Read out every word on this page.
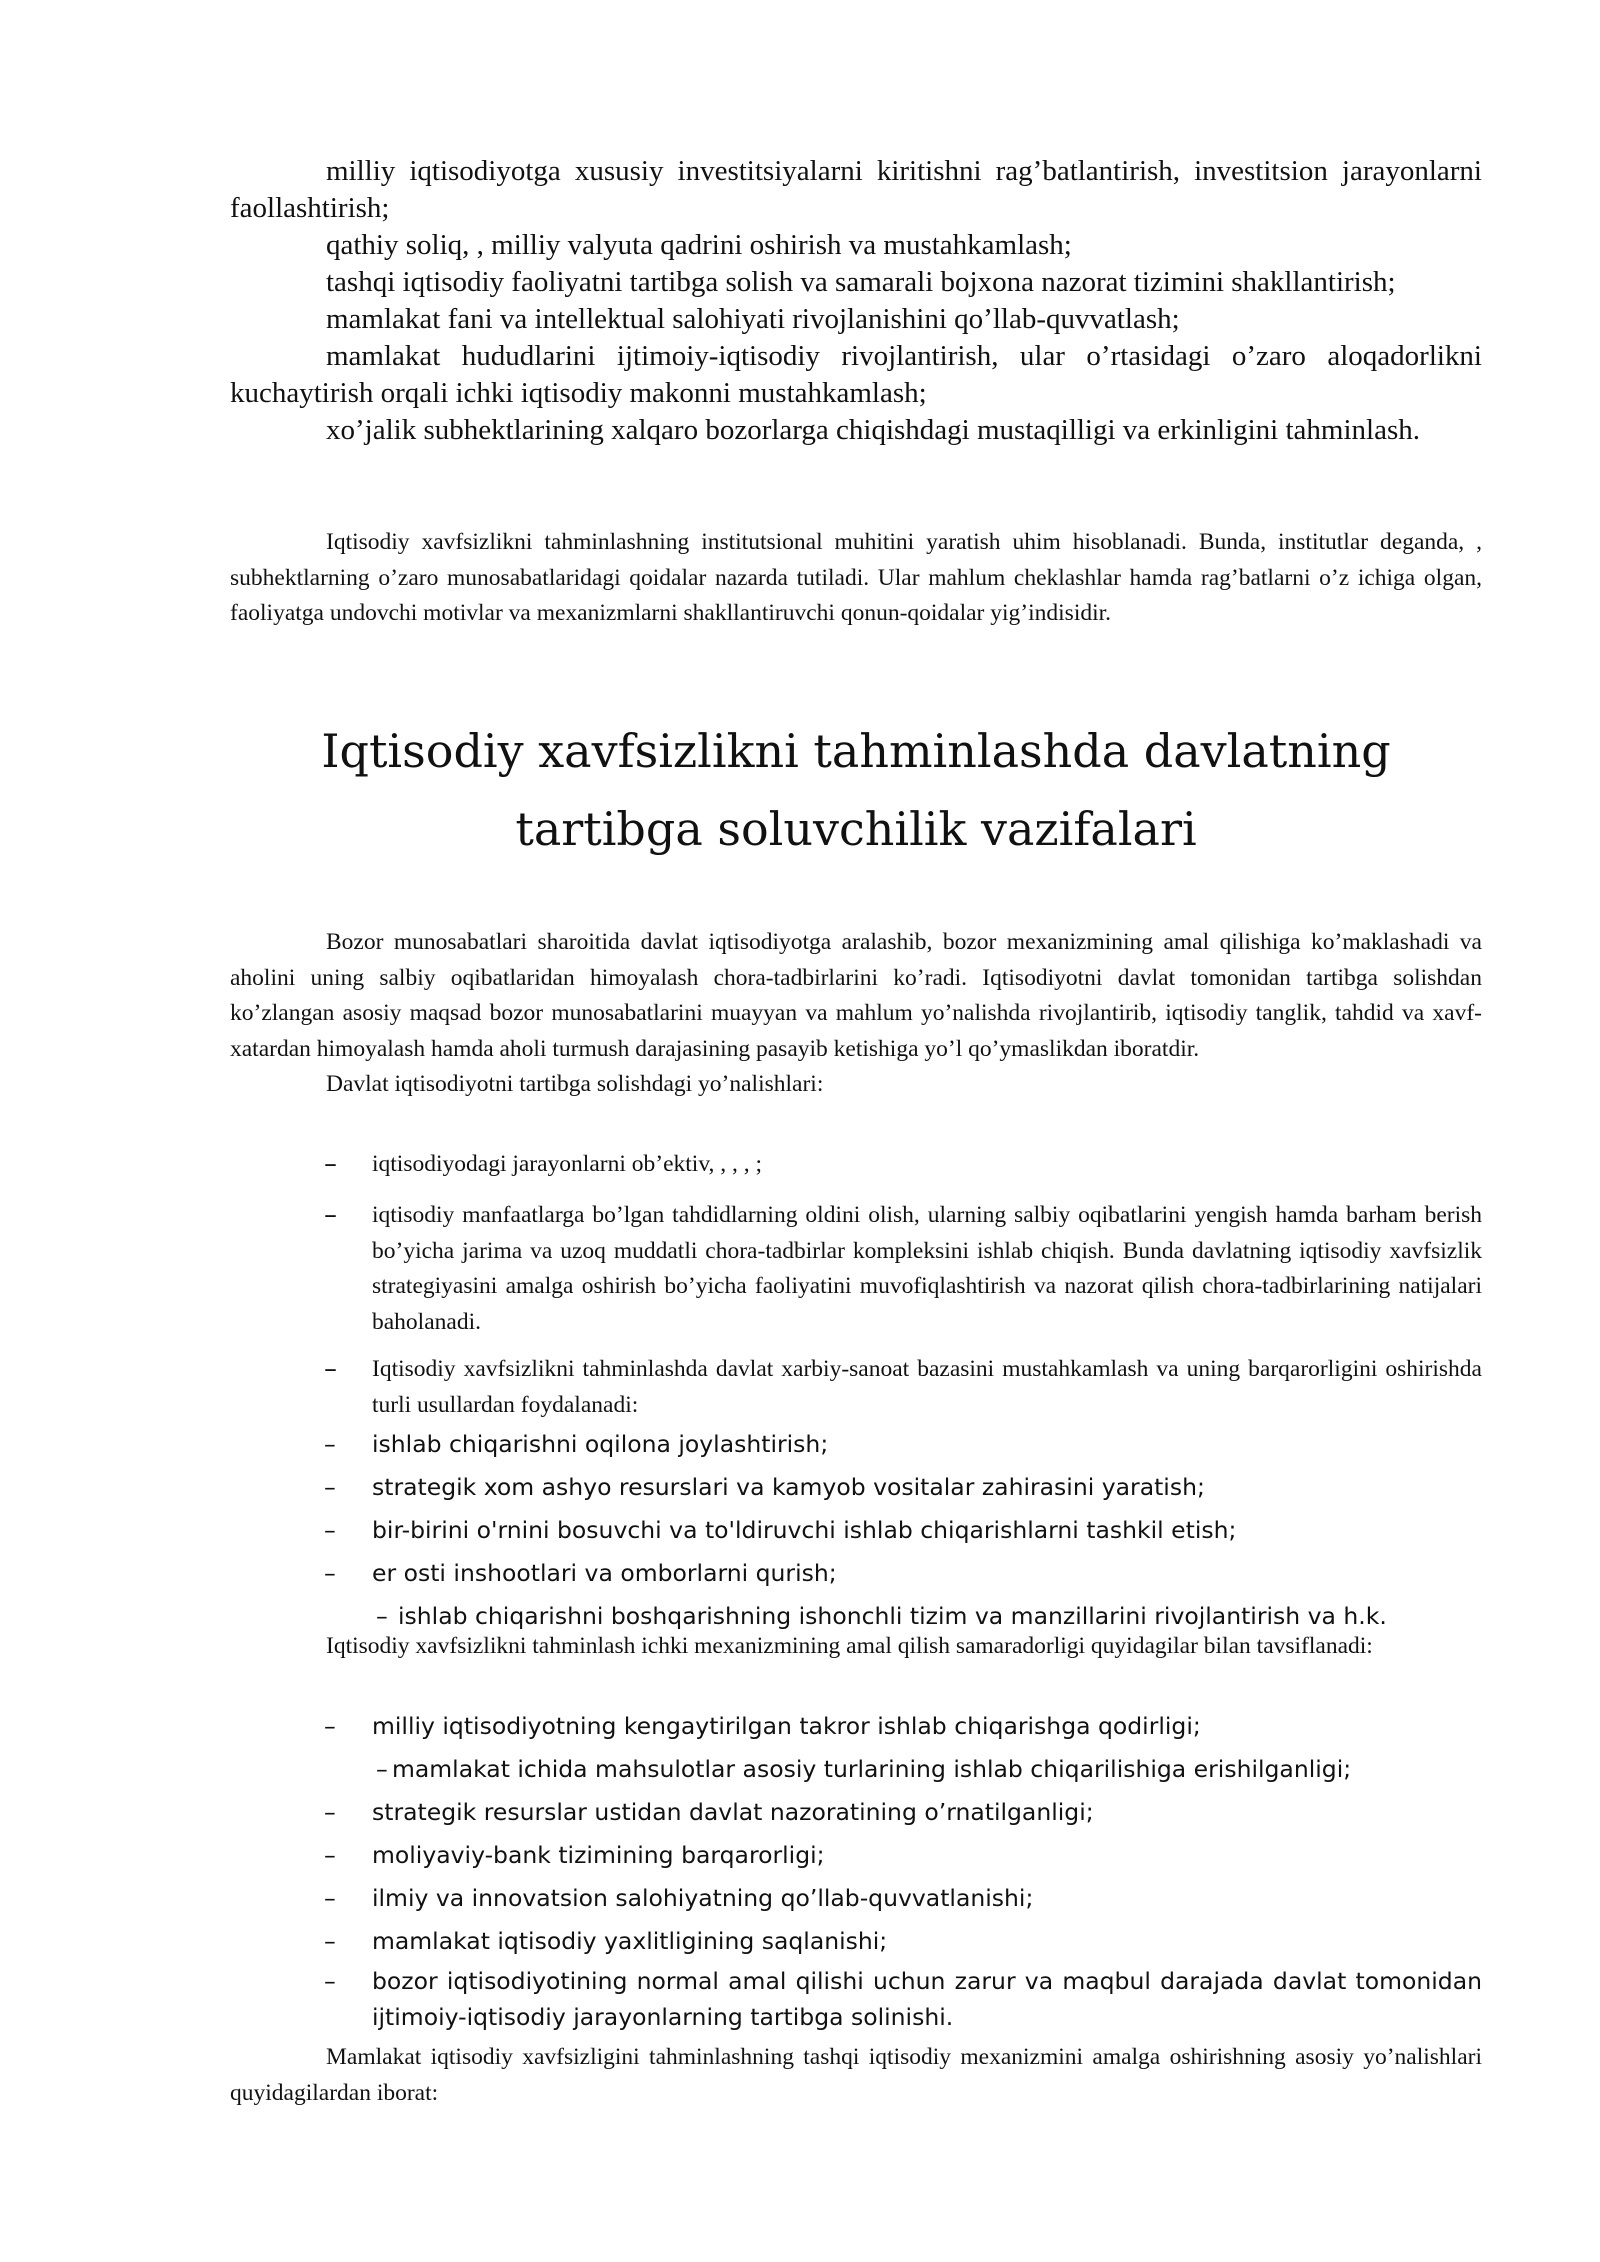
milliy iqtisodiyotga xususiy investitsiyalarni kiritishni rag’batlantirish, investitsion jarayonlarni faollashtirish;

qathiy soliq, , milliy valyuta qadrini oshirish va mustahkamlash;

tashqi iqtisodiy faoliyatni tartibga solish va samarali bojxona nazorat tizimini shakllantirish;

mamlakat fani va intellektual salohiyati rivojlanishini qo’llab-quvvatlash;

mamlakat hududlarini ijtimoiy-iqtisodiy rivojlantirish, ular o’rtasidagi o’zaro aloqadorlikni kuchaytirish orqali ichki iqtisodiy makonni mustahkamlash;

xo’jalik subhektlarining xalqaro bozorlarga chiqishdagi mustaqilligi va erkinligini tahminlash.

Iqtisodiy xavfsizlikni tahminlashning institutsional muhitini yaratish uhim hisoblanadi. Bunda, institutlar deganda, , subhektlarning o’zaro munosabatlaridagi qoidalar nazarda tutiladi. Ular mahlum cheklashlar hamda rag’batlarni o’z ichiga olgan, faoliyatga undovchi motivlar va mexanizmlarni shakllantiruvchi qonun-qoidalar yig’indisidir.

Iqtisodiy xavfsizlikni tahminlashda davlatning
tartibga soluvchilik vazifalari

Bozor munosabatlari sharoitida davlat iqtisodiyotga aralashib, bozor mexanizmining amal qilishiga ko’maklashadi va aholini uning salbiy oqibatlaridan himoyalash chora-tadbirlarini ko’radi. Iqtisodiyotni davlat tomonidan tartibga solishdan ko’zlangan asosiy maqsad bozor munosabatlarini muayyan va mahlum yo’nalishda rivojlantirib, iqtisodiy tanglik, tahdid va xavf-xatardan himoyalash hamda aholi turmush darajasining pasayib ketishiga yo’l qo’ymaslikdan iboratdir.

Davlat iqtisodiyotni tartibga solishdagi yo’nalishlari:

– iqtisodiyodagi jarayonlarni ob’ektiv, , , , ;

– iqtisodiy manfaatlarga bo’lgan tahdidlarning oldini olish, ularning salbiy oqibatlarini yengish hamda barham berish bo’yicha jarima va uzoq muddatli chora-tadbirlar kompleksini ishlab chiqish. Bunda davlatning iqtisodiy xavfsizlik strategiyasini amalga oshirish bo’yicha faoliyatini muvofiqlashtirish va nazorat qilish chora-tadbirlarining natijalari baholanadi.

– Iqtisodiy xavfsizlikni tahminlashda davlat xarbiy-sanoat bazasini mustahkamlash va uning barqarorligini oshirishda turli usullardan foydalanadi:

– ishlab chiqarishni oqilona joylashtirish;

– strategik xom ashyo resurslari va kamyob vositalar zahirasini yaratish;

– bir-birini o'rnini bosuvchi va to'ldiruvchi ishlab chiqarishlarni tashkil etish;

– er osti inshootlari va omborlarni qurish;

– ishlab chiqarishni boshqarishning ishonchli tizim va manzillarini rivojlantirish va h.k.

Iqtisodiy xavfsizlikni tahminlash ichki mexanizmining amal qilish samaradorligi quyidagilar bilan tavsiflanadi:

– milliy iqtisodiyotning kengaytirilgan takror ishlab chiqarishga qodirligi;

– mamlakat ichida mahsulotlar asosiy turlarining ishlab chiqarilishiga erishilganligi;

– strategik resurslar ustidan davlat nazoratining o’rnatilganligi;

– moliyaviy-bank tizimining barqarorligi;

– ilmiy va innovatsion salohiyatning qo’llab-quvvatlanishi;

– mamlakat iqtisodiy yaxlitligining saqlanishi;

– bozor iqtisodiyotining normal amal qilishi uchun zarur va maqbul darajada davlat tomonidan ijtimoiy-iqtisodiy jarayonlarning tartibga solinishi.

Mamlakat iqtisodiy xavfsizligini tahminlashning tashqi iqtisodiy mexanizmini amalga oshirishning asosiy yo’nalishlari quyidagilardan iborat:
